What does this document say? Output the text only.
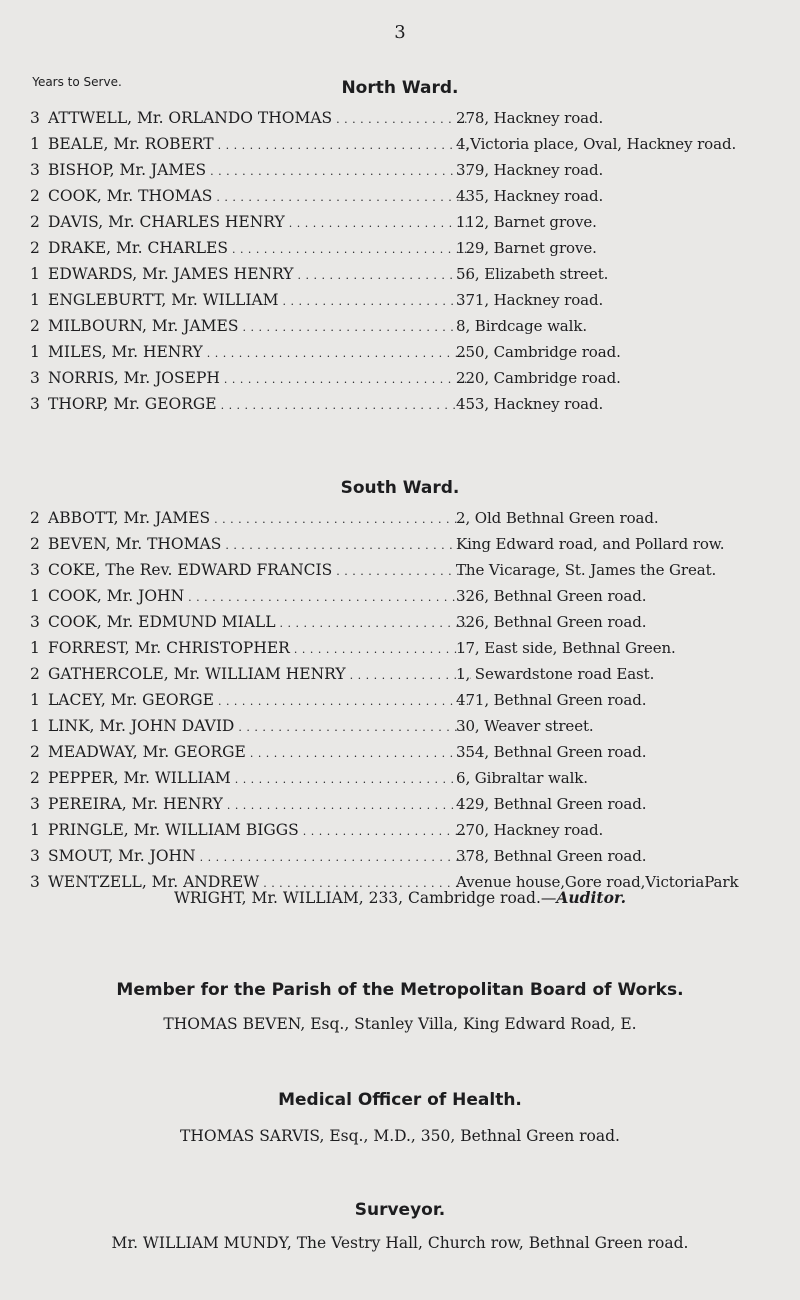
3
Years to Serve.	North Ward.
3 ATTWELL, Mr. ORLANDO THOMAS . . .	278, Hackney road.
1 BEALE, Mr. ROBERT . . .	4,Victoria place, Oval, Hackney road.
3 BISHOP, Mr. JAMES . . .	379, Hackney road.
2 COOK, Mr. THOMAS . . .	435, Hackney road.
2 DAVIS, Mr. CHARLES HENRY . . .	112, Barnet grove.
2 DRAKE, Mr. CHARLES . . .	129, Barnet grove.
1 EDWARDS, Mr. JAMES HENRY . . .	56, Elizabeth street.
1 ENGLEBURTT, Mr. WILLIAM . . .	371, Hackney road.
2 MILBOURN, Mr. JAMES . . .	8, Birdcage walk.
1 MILES, Mr. HENRY . . .	250, Cambridge road.
3 NORRIS, Mr. JOSEPH . . .	220, Cambridge road.
3 THORP, Mr. GEORGE . . .	453, Hackney road.
South Ward.
2 ABBOTT, Mr. JAMES . . .	2, Old Bethnal Green road.
2 BEVEN, Mr. THOMAS . . .	King Edward road, and Pollard row.
3 COKE, The Rev. EDWARD FRANCIS . . .	The Vicarage, St. James the Great.
1 COOK, Mr. JOHN . . .	326, Bethnal Green road.
3 COOK, Mr. EDMUND MIALL . . .	326, Bethnal Green road.
1 FORREST, Mr. CHRISTOPHER . . .	17, East side, Bethnal Green.
2 GATHERCOLE, Mr. WILLIAM HENRY . . .	1, Sewardstone road East.
1 LACEY, Mr. GEORGE . . .	471, Bethnal Green road.
1 LINK, Mr. JOHN DAVID . . .	30, Weaver street.
2 MEADWAY, Mr. GEORGE . . .	354, Bethnal Green road.
2 PEPPER, Mr. WILLIAM . . .	6, Gibraltar walk.
3 PEREIRA, Mr. HENRY . . .	429, Bethnal Green road.
1 PRINGLE, Mr. WILLIAM BIGGS . . .	270, Hackney road.
3 SMOUT, Mr. JOHN . . .	378, Bethnal Green road.
3 WENTZELL, Mr. ANDREW . . .	Avenue house,Gore road,VictoriaPark
WRIGHT, Mr. WILLIAM, 233, Cambridge road.—Auditor.
Member for the Parish of the Metropolitan Board of Works.
THOMAS BEVEN, Esq., Stanley Villa, King Edward Road, E.
Medical Officer of Health.
THOMAS SARVIS, Esq., M.D., 350, Bethnal Green road.
Surveyor.
Mr. WILLIAM MUNDY, The Vestry Hall, Church row, Bethnal Green road.
